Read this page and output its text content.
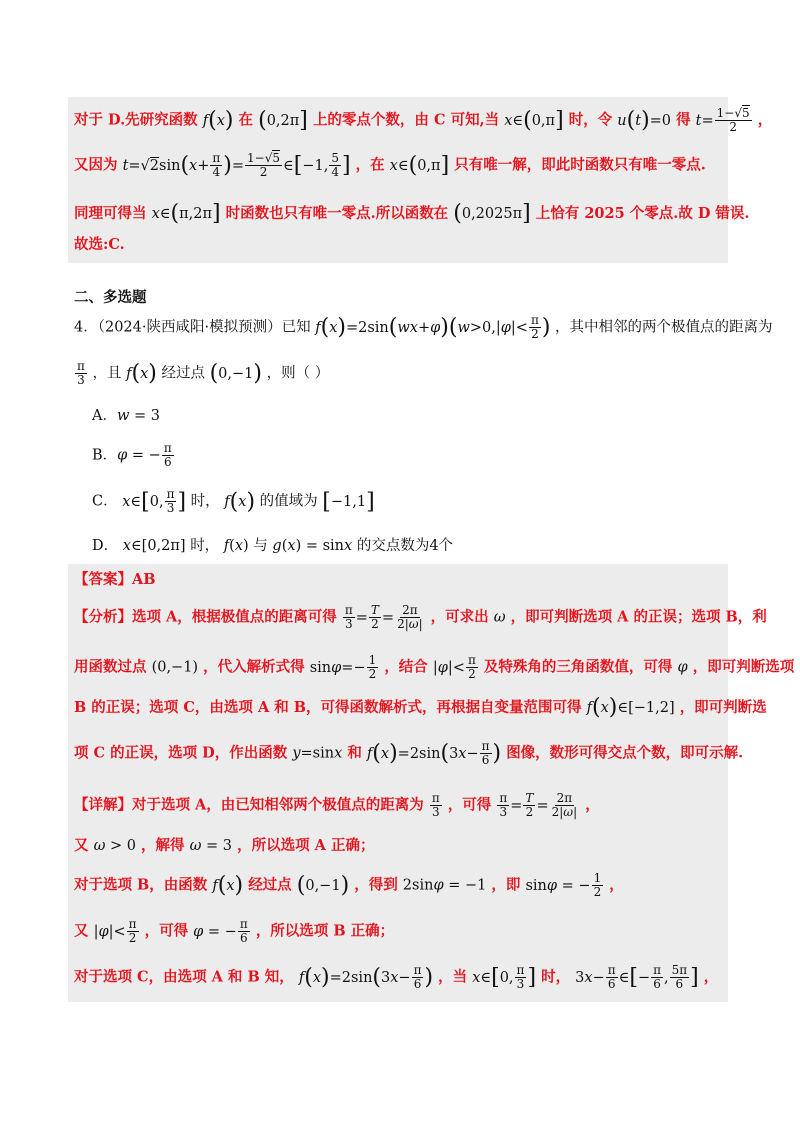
对于 D.先研究函数 f(x) 在 (0,2π] 上的零点个数，由 C 可知,当 x∈(0,π] 时，令 u(t)=0 得 $t= \frac{1-√5}{2}$ ，
又因为 $t=√2\sin(x+ \frac{\pi}{4}$ )= $\frac{1-√5}{2}$ ∈[−1, $\frac{5}{4}$ ] ，在 x∈(0,π] 只有唯一解，即此时函数只有唯一零点.
同理可得当 x∈(π,2π] 时函数也只有唯一零点.所以函数在 (0,2025π] 上恰有 2025 个零点.故 D 错误.
故选:C.
二、多选题
4．（2024·陕西咸阳·模拟预测）已知 $f(x)=2\sin(wx+\varphi)(w>0,|\varphi|< \frac{\pi}{2}$ ) ，其中相邻的两个极值点的距离为
$\frac{\pi}{3}$ ，且 f(x) 经过点 (0,−1) ，则（ ）
A．w = 3
B．φ = − $\frac{\pi}{6}$
C． x∈[0, $\frac{\pi}{3}$ ] 时， f(x) 的值域为 [−1,1]
D． x∈[0,2π] 时， f(x) 与 g(x) = sinx 的交点数为4个
【答案】AB
【分析】选项 A，根据极值点的距离可得 $\frac{\pi}{3} = \frac{T}{2} = \frac{2\pi}{2|\omega|}$ ，可求出 ω ，即可判断选项 A 的正误；选项 B，利
用函数过点 (0,−1) ，代入解析式得 $\sin\varphi=- \frac{1}{2}$ ，结合 $|\varphi|< \frac{\pi}{2}$ 及特殊角的三角函数值，可得 φ ，即可判断选项
B 的正误；选项 C，由选项 A 和 B，可得函数解析式，再根据自变量范围可得 f(x)∈[−1,2] ，即可判断选
项 C 的正误，选项 D，作出函数 y=sinx 和 $f(x)=2\sin(3x- \frac{\pi}{6}$ ) 图像，数形可得交点个数，即可示解.
【详解】对于选项 A，由已知相邻两个极值点的距离为 $\frac{\pi}{3}$ ，可得 $\frac{\pi}{3} = \frac{T}{2} = \frac{2\pi}{2|\omega|}$ ，
又 ω > 0 ，解得 ω = 3 ，所以选项 A 正确；
对于选项 B，由函数 f(x) 经过点 (0,−1) ，得到 2sinφ = −1 ，即 sinφ = − $\frac{1}{2}$ ，
又 $|\varphi|< \frac{\pi}{2}$ ，可得 φ = − $\frac{\pi}{6}$ ，所以选项 B 正确；
对于选项 C，由选项 A 和 B 知， $f(x)=2\sin(3x- \frac{\pi}{6}$ ) ，当 x∈[0, $\frac{\pi}{3}$ ] 时， $3x- \frac{\pi}{6}$ ∈[− $\frac{\pi}{6}$ , $\frac{5\pi}{6}$ ] ，
